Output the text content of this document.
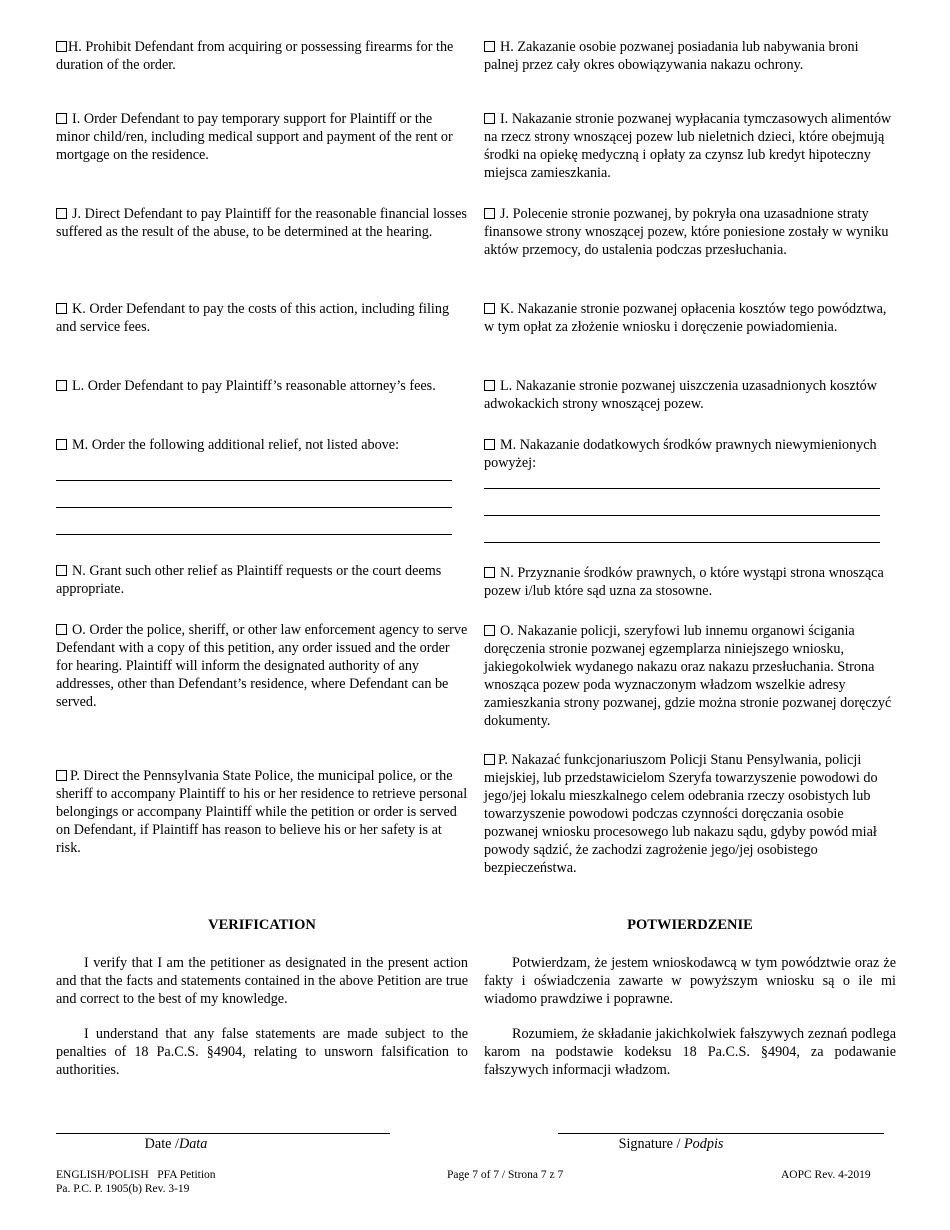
H. Prohibit Defendant from acquiring or possessing firearms for the duration of the order.
I. Order Defendant to pay temporary support for Plaintiff or the minor child/ren, including medical support and payment of the rent or mortgage on the residence.
J. Direct Defendant to pay Plaintiff for the reasonable financial losses suffered as the result of the abuse, to be determined at the hearing.
K. Order Defendant to pay the costs of this action, including filing and service fees.
L. Order Defendant to pay Plaintiff’s reasonable attorney’s fees.
M. Order the following additional relief, not listed above:
N. Grant such other relief as Plaintiff requests or the court deems appropriate.
O. Order the police, sheriff, or other law enforcement agency to serve Defendant with a copy of this petition, any order issued and the order for hearing. Plaintiff will inform the designated authority of any addresses, other than Defendant’s residence, where Defendant can be served.
P. Direct the Pennsylvania State Police, the municipal police, or the sheriff to accompany Plaintiff to his or her residence to retrieve personal belongings or accompany Plaintiff while the petition or order is served on Defendant, if Plaintiff has reason to believe his or her safety is at risk.
H. Zakazanie osobie pozwanej posiadania lub nabywania broni palnej przez cały okres obowiązywania nakazu ochrony.
I. Nakazanie stronie pozwanej wypłacania tymczasowych alimentów na rzecz strony wnoszącej pozew lub nieletnich dzieci, które obejmują środki na opiekę medyczną i opłaty za czynsz lub kredyt hipoteczny miejsca zamieszkania.
J. Polecenie stronie pozwanej, by pokryła ona uzasadnione straty finansowe strony wnoszącej pozew, które poniesione zostały w wyniku aktów przemocy, do ustalenia podczas przesłuchania.
K. Nakazanie stronie pozwanej opłacenia kosztów tego powództwa, w tym opłat za złożenie wniosku i doręczenie powiadomienia.
L. Nakazanie stronie pozwanej uiszczenia uzasadnionych kosztów adwokackich strony wnoszącej pozew.
M. Nakazanie dodatkowych środków prawnych niewymienionych powyżej:
N. Przyznanie środków prawnych, o które wystąpi strona wnosząca pozew i/lub które sąd uzna za stosowne.
O. Nakazanie policji, szeryfowi lub innemu organowi ścigania doręczenia stronie pozwanej egzemplarza niniejszego wniosku, jakiegokolwiek wydanego nakazu oraz nakazu przesłuchania. Strona wnosząca pozew poda wyznaczonym władzom wszelkie adresy zamieszkania strony pozwanej, gdzie można stronie pozwanej doręczyć dokumenty.
P. Nakazać funkcjonariuszom Policji Stanu Pensylwania, policji miejskiej, lub przedstawicielom Szeryfa towarzyszenie powodowi do jego/jej lokalu mieszkalnego celem odebrania rzeczy osobistych lub towarzyszenie powodowi podczas czynności doręczania osobie pozwanej wniosku procesowego lub nakazu sądu, gdyby powód miał powody sądzić, że zachodzi zagrożenie jego/jej osobistego bezpieczeństwa.
VERIFICATION	POTWIERDZENIE
I verify that I am the petitioner as designated in the present action and that the facts and statements contained in the above Petition are true and correct to the best of my knowledge.
I understand that any false statements are made subject to the penalties of 18 Pa.C.S. §4904, relating to unsworn falsification to authorities.
Potwierdzam, że jestem wnioskodawcą w tym powództwie oraz że fakty i oświadczenia zawarte w powyższym wniosku są o ile mi wiadomo prawdziwe i poprawne.
Rozumiem, że składanie jakichkolwiek fałszywych zeznań podlega karom na podstawie kodeksu 18 Pa.C.S. §4904, za podawanie fałszywych informacji władzom.
Date /Data	Signature / Podpis
ENGLISH/POLISH   PFA Petition
Pa. P.C. P. 1905(b) Rev. 3-19
Page 7 of 7 / Strona 7 z 7	AOPC Rev. 4-2019
